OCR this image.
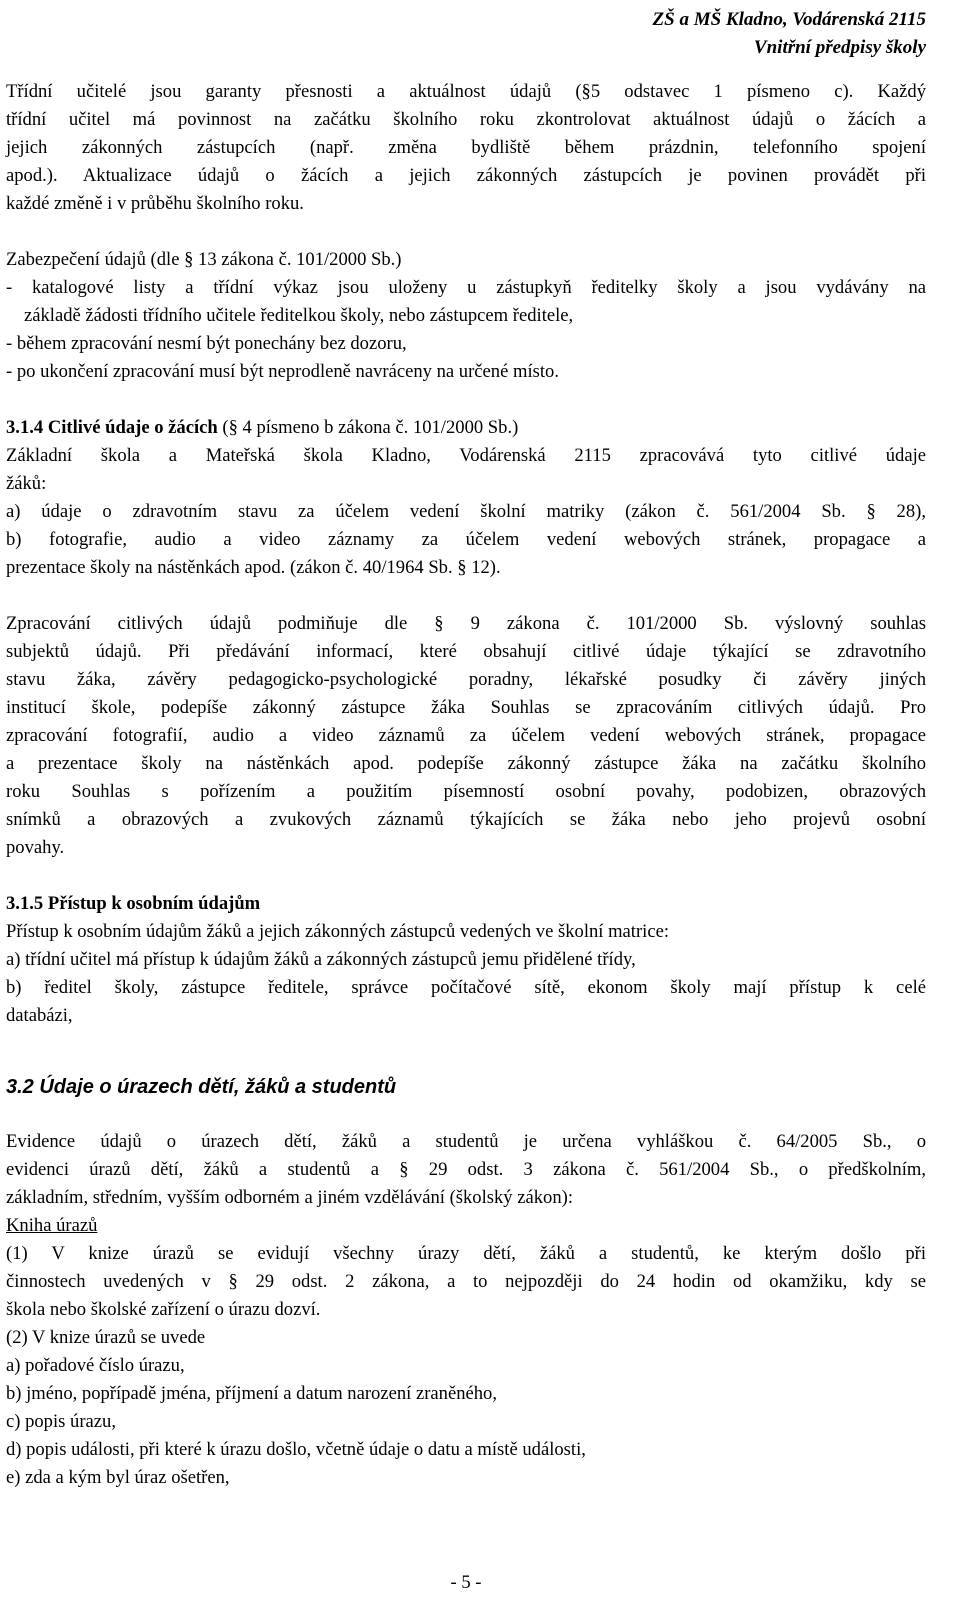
ZŠ a MŠ Kladno, Vodárenská 2115
Vnitřní předpisy školy

Třídní učitelé jsou garanty přesnosti a aktuálnost údajů (§5 odstavec 1 písmeno c). Každý

třídní učitel má povinnost na začátku školního roku zkontrolovat aktuálnost údajů o žácích a

jejich zákonných zástupcích (např. změna bydliště během prázdnin, telefonního spojení

apod.). Aktualizace údajů o žácích a jejich zákonných zástupcích je povinen provádět při

každé změně i v průběhu školního roku.

Zabezpečení údajů (dle § 13 zákona č. 101/2000 Sb.)

- katalogové listy a třídní výkaz jsou uloženy u zástupkyň ředitelky školy a jsou vydávány na

základě žádosti třídního učitele ředitelkou školy, nebo zástupcem ředitele,

- během zpracování nesmí být ponechány bez dozoru,

- po ukončení zpracování musí být neprodleně navráceny na určené místo.

3.1.4 Citlivé údaje o žácích (§ 4 písmeno b zákona č. 101/2000 Sb.)

Základní škola a Mateřská škola Kladno, Vodárenská 2115 zpracovává tyto citlivé údaje

žáků:

a) údaje o zdravotním stavu za účelem vedení školní matriky (zákon č. 561/2004 Sb. § 28),

b) fotografie, audio a video záznamy za účelem vedení webových stránek, propagace a

prezentace školy na nástěnkách apod. (zákon č. 40/1964 Sb. § 12).

Zpracování citlivých údajů podmiňuje dle § 9 zákona č. 101/2000 Sb. výslovný souhlas

subjektů údajů. Při předávání informací, které obsahují citlivé údaje týkající se zdravotního

stavu žáka, závěry pedagogicko-psychologické poradny, lékařské posudky či závěry jiných

institucí škole, podepíše zákonný zástupce žáka Souhlas se zpracováním citlivých údajů. Pro

zpracování fotografií, audio a video záznamů za účelem vedení webových stránek, propagace

a prezentace školy na nástěnkách apod. podepíše zákonný zástupce žáka na začátku školního

roku Souhlas s pořízením a použitím písemností osobní povahy, podobizen, obrazových

snímků a obrazových a zvukových záznamů týkajících se žáka nebo jeho projevů osobní

povahy.

3.1.5 Přístup k osobním údajům

Přístup k osobním údajům žáků a jejich zákonných zástupců vedených ve školní matrice:

a) třídní učitel má přístup k údajům žáků a zákonných zástupců jemu přidělené třídy,

b) ředitel školy, zástupce ředitele, správce počítačové sítě, ekonom školy mají přístup k celé

databázi,

3.2 Údaje o úrazech dětí, žáků a studentů

Evidence údajů o úrazech dětí, žáků a studentů je určena vyhláškou č. 64/2005 Sb., o

evidenci úrazů dětí, žáků a studentů a § 29 odst. 3 zákona č. 561/2004 Sb., o předškolním,

základním, středním, vyšším odborném a jiném vzdělávání (školský zákon):

Kniha úrazů

(1) V knize úrazů se evidují všechny úrazy dětí, žáků a studentů, ke kterým došlo při

činnostech uvedených v § 29 odst. 2 zákona, a to nejpozději do 24 hodin od okamžiku, kdy se

škola nebo školské zařízení o úrazu dozví.

(2) V knize úrazů se uvede

a) pořadové číslo úrazu,

b) jméno, popřípadě jména, příjmení a datum narození zraněného,

c) popis úrazu,

d) popis události, při které k úrazu došlo, včetně údaje o datu a místě události,

e) zda a kým byl úraz ošetřen,

- 5 -
